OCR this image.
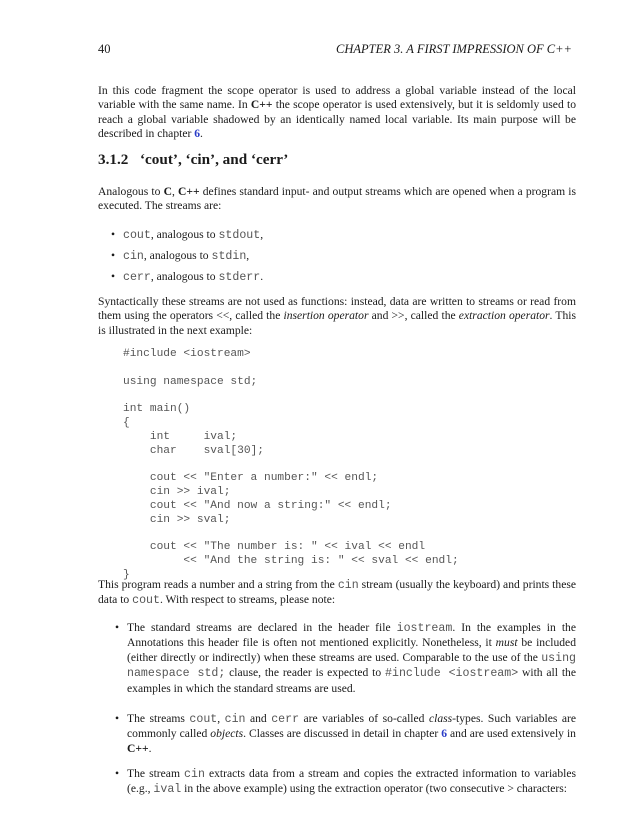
40	CHAPTER 3. A FIRST IMPRESSION OF C++

In this code fragment the scope operator is used to address a global variable instead of the local variable with the same name. In C++ the scope operator is used extensively, but it is seldomly used to reach a global variable shadowed by an identically named local variable. Its main purpose will be described in chapter 6.

3.1.2 ‘cout’, ‘cin’, and ‘cerr’

Analogous to C, C++ defines standard input- and output streams which are opened when a program is executed. The streams are:

• cout, analogous to stdout,
• cin, analogous to stdin,
• cerr, analogous to stderr.

Syntactically these streams are not used as functions: instead, data are written to streams or read from them using the operators <<, called the insertion operator and >>, called the extraction operator. This is illustrated in the next example:

#include <iostream>

using namespace std;

int main()
{
int     ival;
char    sval[30];

cout << "Enter a number:" << endl;
cin >> ival;
cout << "And now a string:" << endl;
cin >> sval;

cout << "The number is: " << ival << endl
<< "And the string is: " << sval << endl;
}

This program reads a number and a string from the cin stream (usually the keyboard) and prints these data to cout. With respect to streams, please note:

• The standard streams are declared in the header file iostream. In the examples in the Annotations this header file is often not mentioned explicitly. Nonetheless, it must be included (either directly or indirectly) when these streams are used. Comparable to the use of the using namespace std; clause, the reader is expected to #include <iostream> with all the examples in which the standard streams are used.
• The streams cout, cin and cerr are variables of so-called class-types. Such variables are commonly called objects. Classes are discussed in detail in chapter 6 and are used extensively in C++.
• The stream cin extracts data from a stream and copies the extracted information to variables (e.g., ival in the above example) using the extraction operator (two consecutive > characters:
